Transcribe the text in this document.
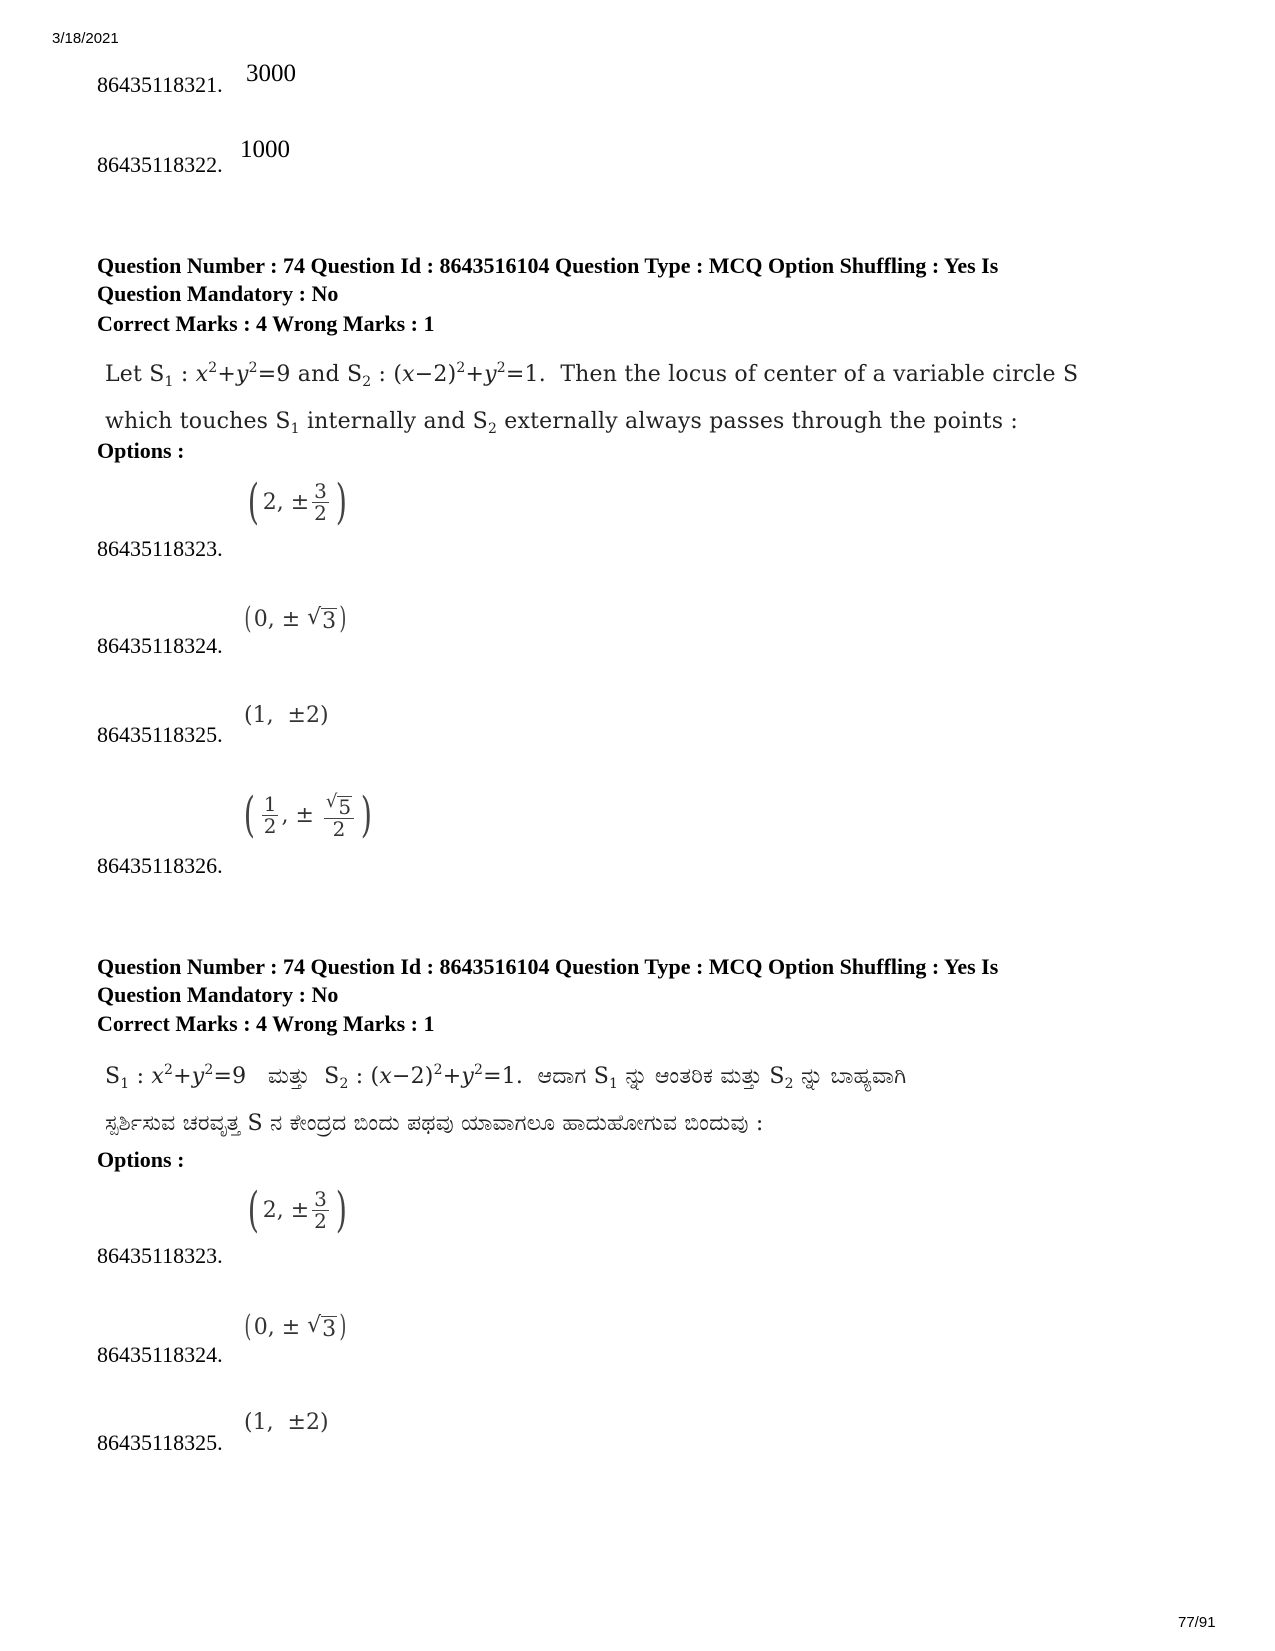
3/18/2021
86435118321. 3000
86435118322.
1000
Question Number : 74 Question Id : 8643516104 Question Type : MCQ Option Shuffling : Yes Is
Question Mandatory : No
Correct Marks : 4 Wrong Marks : 1
Let $S_1$ : $x^2+y^2=9$ and $S_2$ : $(x-2)^2+y^2=1$.  Then the locus of center of a variable circle S
which touches $S_1$ internally and $S_2$ externally always passes through the points :
Options :
86435118323.
( 2, ± $\frac{3}{2}$ )
86435118324.
( 0, ± √ 3 )
86435118325.
(1,  ±2)
86435118326.
( $\frac{1}{2}$ , ± $\frac{√ 5}{2}$ )
Question Number : 74 Question Id : 8643516104 Question Type : MCQ Option Shuffling : Yes Is
Question Mandatory : No
Correct Marks : 4 Wrong Marks : 1
$S_1$ : $x^2+y^2=9$   ಮತ್ತು  $S_2$ : $(x-2)^2+y^2=1$.  ಆದಾಗ $S_1$ ನ್ನು ಆಂತರಿಕ ಮತ್ತು $S_2$ ನ್ನು ಬಾಹ್ಯವಾಗಿ
ಸ್ಪರ್ಶಿಸುವ ಚರವೃತ್ತ S ನ ಕೇಂದ್ರದ ಬಿಂದು ಪಥವು ಯಾವಾಗಲೂ ಹಾದುಹೋಗುವ ಬಿಂದುವು :
Options :
86435118323.
( 2, ± $\frac{3}{2}$ )
86435118324.
( 0, ± √ 3 )
86435118325.
(1,  ±2)
77/91
